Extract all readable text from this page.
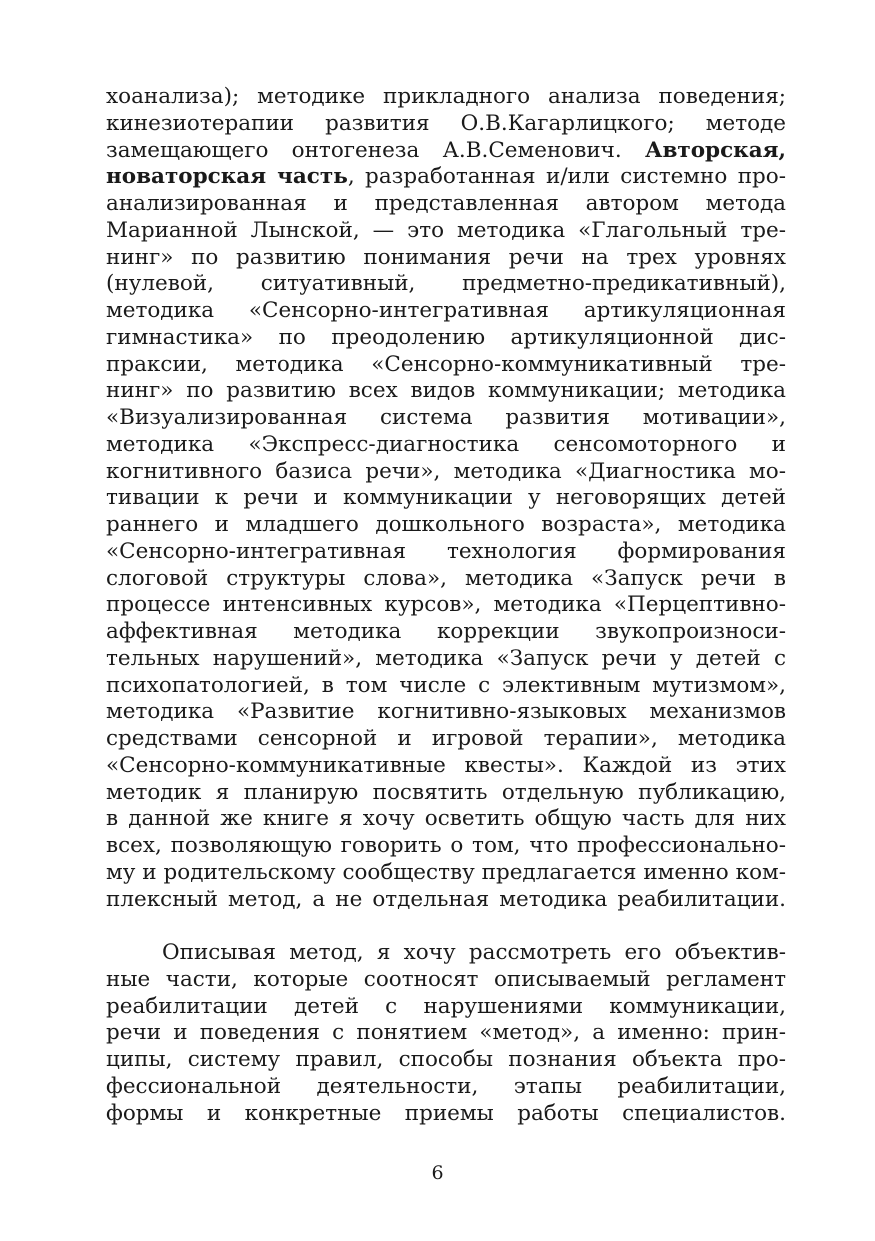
хоанализа); методике прикладного анализа поведения;
кинезиотерапии развития О.В.Кагарлицкого; методе
замещающего онтогенеза А.В.Семенович. Авторская,
новаторская часть, разработанная и/или системно про-
анализированная и представленная автором метода
Марианной Лынской, — это методика «Глагольный тре-
нинг» по развитию понимания речи на трех уровнях
(нулевой, ситуативный, предметно-предикативный),
методика «Сенсорно-интегративная артикуляционная
гимнастика» по преодолению артикуляционной дис-
праксии, методика «Сенсорно-коммуникативный тре-
нинг» по развитию всех видов коммуникации; методика
«Визуализированная система развития мотивации»,
методика «Экспресс-диагностика сенсомоторного и
когнитивного базиса речи», методика «Диагностика мо-
тивации к речи и коммуникации у неговорящих детей
раннего и младшего дошкольного возраста», методика
«Сенсорно-интегративная технология формирования
слоговой структуры слова», методика «Запуск речи в
процессе интенсивных курсов», методика «Перцептивно-
аффективная методика коррекции звукопроизноси-
тельных нарушений», методика «Запуск речи у детей с
психопатологией, в том числе с элективным мутизмом»,
методика «Развитие когнитивно-языковых механизмов
средствами сенсорной и игровой терапии», методика
«Сенсорно-коммуникативные квесты». Каждой из этих
методик я планирую посвятить отдельную публикацию,
в данной же книге я хочу осветить общую часть для них
всех, позволяющую говорить о том, что профессионально-
му и родительскому сообществу предлагается именно ком-
плексный метод, а не отдельная методика реабилитации.
Описывая метод, я хочу рассмотреть его объектив-
ные части, которые соотносят описываемый регламент
реабилитации детей с нарушениями коммуникации,
речи и поведения с понятием «метод», а именно: прин-
ципы, систему правил, способы познания объекта про-
фессиональной деятельности, этапы реабилитации,
формы и конкретные приемы работы специалистов.
6
